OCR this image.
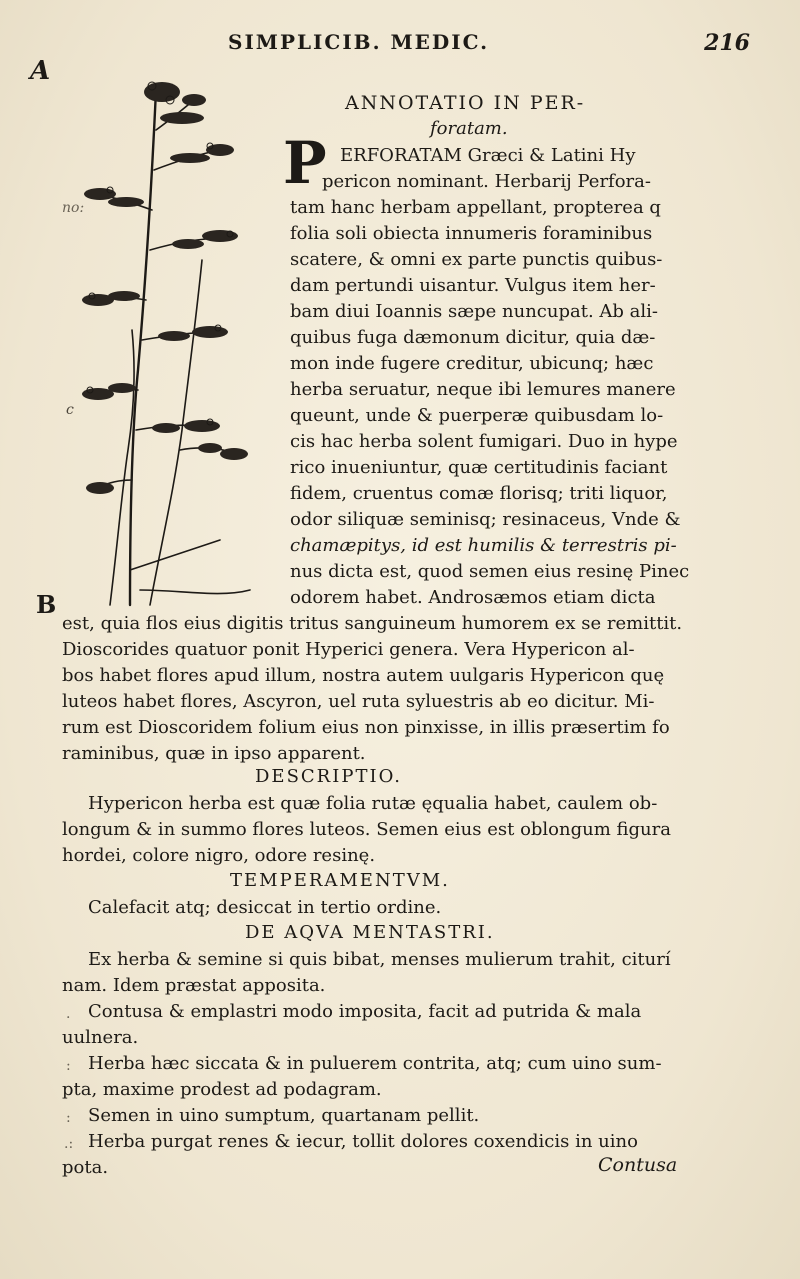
SIMPLICIB. MEDIC.	216
A
B
no:
c
ANNOTATIO IN PER-
foratam.
P ERFORATAM Græci & Latini Hy
pericon nominant. Herbarij Perfora-
tam hanc herbam appellant, propterea q
folia soli obiecta innumeris foraminibus
scatere, & omni ex parte punctis quibus-
dam pertundi uisantur. Vulgus item her-
bam diui Ioannis sæpe nuncupat. Ab ali-
quibus fuga dæmonum dicitur, quia dæ-
mon inde fugere creditur, ubicunq; hæc
herba seruatur, neque ibi lemures manere
queunt, unde & puerperæ quibusdam lo-
cis hac herba solent fumigari. Duo in hype
rico inueniuntur, quæ certitudinis faciant
fidem, cruentus comæ florisq; triti liquor,
odor siliquæ seminisq; resinaceus, Vnde &
chamæpitys, id est humilis & terrestris pi-
nus dicta est, quod semen eius resinę Pinec
odorem habet. Androsæmos etiam dicta
est, quia flos eius digitis tritus sanguineum humorem ex se remittit.
Dioscorides quatuor ponit Hyperici genera. Vera Hypericon al-
bos habet flores apud illum, nostra autem uulgaris Hypericon quę
luteos habet flores, Ascyron, uel ruta syluestris ab eo dicitur. Mi-
rum est Dioscoridem folium eius non pinxisse, in illis præsertim fo
raminibus, quæ in ipso apparent.
DESCRIPTIO.
Hypericon herba est quæ folia rutæ ęqualia habet, caulem ob-
longum & in summo flores luteos. Semen eius est oblongum figura
hordei, colore nigro, odore resinę.
TEMPERAMENTVM.
Calefacit atq; desiccat in tertio ordine.
DE AQVA MENTASTRI.
Ex herba & semine si quis bibat, menses mulierum trahit, citurí
nam. Idem præstat apposita.
Contusa & emplastri modo imposita, facit ad putrida & mala
uulnera.
Herba hæc siccata & in puluerem contrita, atq; cum uino sum-
pta, maxime prodest ad podagram.
Semen in uino sumptum, quartanam pellit.
Herba purgat renes & iecur, tollit dolores coxendicis in uino
pota.
.
:
:
.:
Contusa
